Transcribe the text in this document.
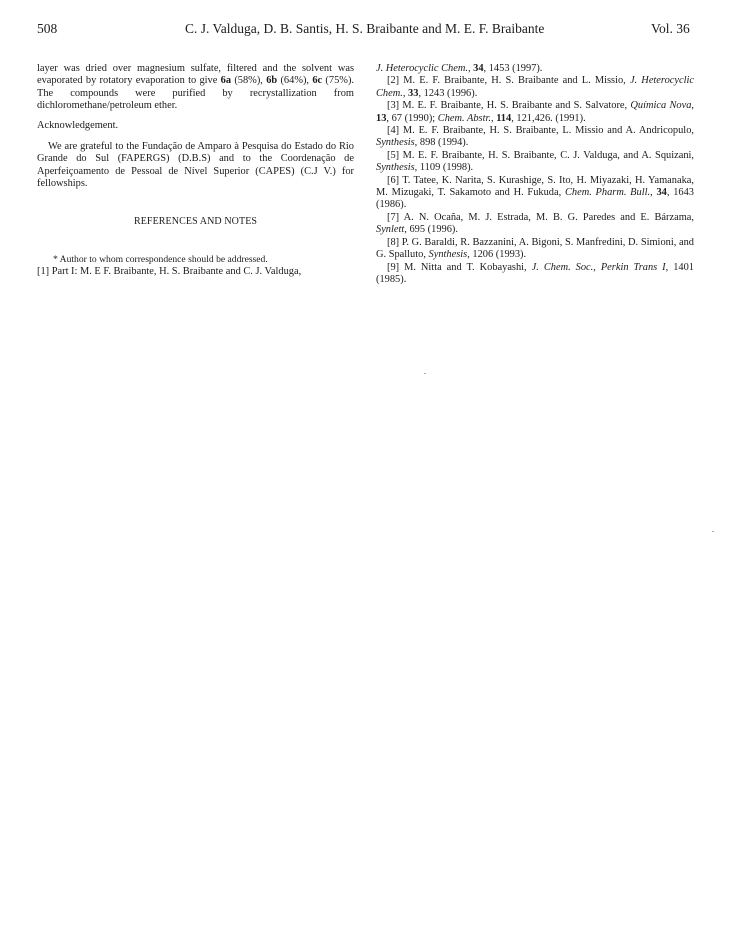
508	C. J. Valduga, D. B. Santis, H. S. Braibante and M. E. F. Braibante	Vol. 36

layer was dried over magnesium sulfate, filtered and the solvent was evaporated by rotatory evaporation to give 6a (58%), 6b (64%), 6c (75%). The compounds were purified by recrystallization from dichloromethane/petroleum ether.

Acknowledgement.

We are grateful to the Fundação de Amparo à Pesquisa do Estado do Rio Grande do Sul (FAPERGS) (D.B.S) and to the Coordenação de Aperfeiçoamento de Pessoal de Nível Superior (CAPES) (C.J V.) for fellowships.

REFERENCES AND NOTES

* Author to whom correspondence should be addressed.

[1] Part I: M. E F. Braibante, H. S. Braibante and C. J. Valduga,

J. Heterocyclic Chem., 34, 1453 (1997).

[2] M. E. F. Braibante, H. S. Braibante and L. Missio, J. Heterocyclic Chem., 33, 1243 (1996).

[3] M. E. F. Braibante, H. S. Braibante and S. Salvatore, Química Nova, 13, 67 (1990); Chem. Abstr., 114, 121,426. (1991).

[4] M. E. F. Braibante, H. S. Braibante, L. Missio and A. Andricopulo, Synthesis, 898 (1994).

[5] M. E. F. Braibante, H. S. Braibante, C. J. Valduga, and A. Squizani, Synthesis, 1109 (1998).

[6] T. Tatee, K. Narita, S. Kurashige, S. Ito, H. Miyazaki, H. Yamanaka, M. Mizugaki, T. Sakamoto and H. Fukuda, Chem. Pharm. Bull., 34, 1643 (1986).

[7] A. N. Ocaña, M. J. Estrada, M. B. G. Paredes and E. Bárzama, Synlett, 695 (1996).

[8] P. G. Baraldi, R. Bazzanini, A. Bigoni, S. Manfredini, D. Simioni, and G. Spalluto, Synthesis, 1206 (1993).

[9] M. Nitta and T. Kobayashi, J. Chem. Soc., Perkin Trans I, 1401 (1985).
